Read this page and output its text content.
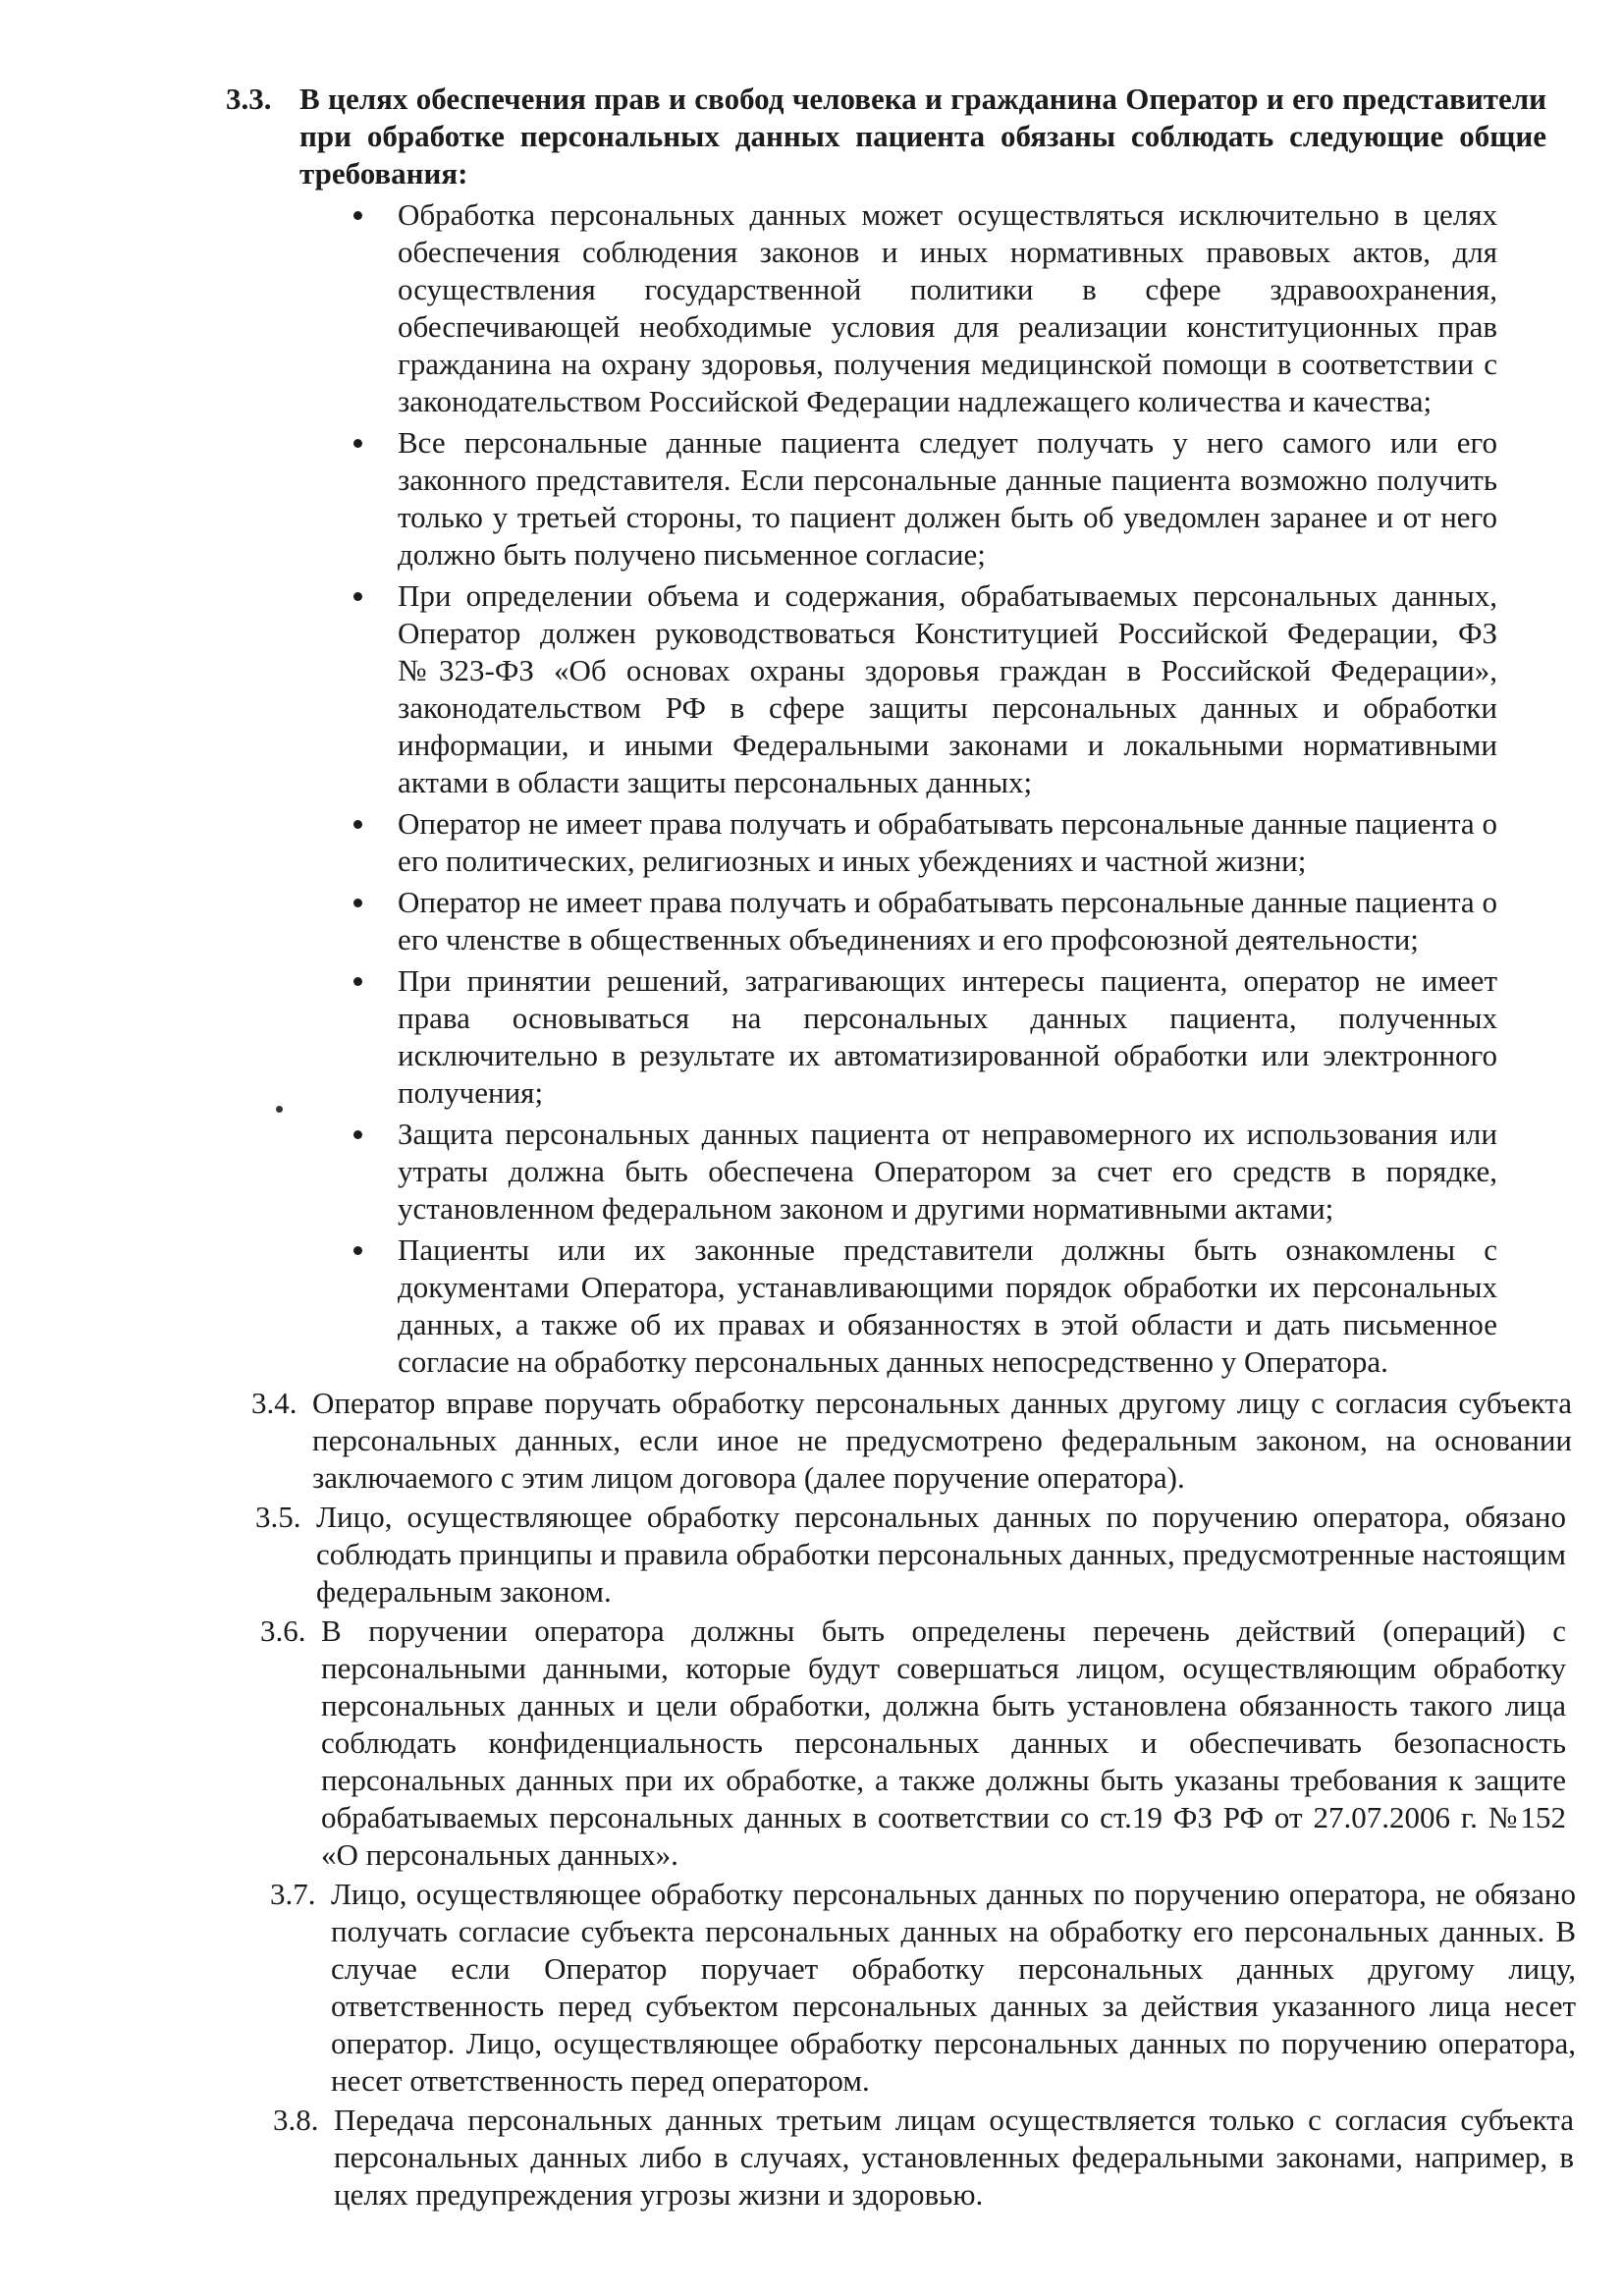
3.3. В целях обеспечения прав и свобод человека и гражданина Оператор и его представители при обработке персональных данных пациента обязаны соблюдать следующие общие требования:
Обработка персональных данных может осуществляться исключительно в целях обеспечения соблюдения законов и иных нормативных правовых актов, для осуществления государственной политики в сфере здравоохранения, обеспечивающей необходимые условия для реализации конституционных прав гражданина на охрану здоровья, получения медицинской помощи в соответствии с законодательством Российской Федерации надлежащего количества и качества;
Все персональные данные пациента следует получать у него самого или его законного представителя. Если персональные данные пациента возможно получить только у третьей стороны, то пациент должен быть об уведомлен заранее и от него должно быть получено письменное согласие;
При определении объема и содержания, обрабатываемых персональных данных, Оператор должен руководствоваться Конституцией Российской Федерации, ФЗ №323-ФЗ «Об основах охраны здоровья граждан в Российской Федерации», законодательством РФ в сфере защиты персональных данных и обработки информации, и иными Федеральными законами и локальными нормативными актами в области защиты персональных данных;
Оператор не имеет права получать и обрабатывать персональные данные пациента о его политических, религиозных и иных убеждениях и частной жизни;
Оператор не имеет права получать и обрабатывать персональные данные пациента о его членстве в общественных объединениях и его профсоюзной деятельности;
При принятии решений, затрагивающих интересы пациента, оператор не имеет права основываться на персональных данных пациента, полученных исключительно в результате их автоматизированной обработки или электронного получения;
Защита персональных данных пациента от неправомерного их использования или утраты должна быть обеспечена Оператором за счет его средств в порядке, установленном федеральном законом и другими нормативными актами;
Пациенты или их законные представители должны быть ознакомлены с документами Оператора, устанавливающими порядок обработки их персональных данных, а также об их правах и обязанностях в этой области и дать письменное согласие на обработку персональных данных непосредственно у Оператора.
3.4. Оператор вправе поручать обработку персональных данных другому лицу с согласия субъекта персональных данных, если иное не предусмотрено федеральным законом, на основании заключаемого с этим лицом договора (далее поручение оператора).
3.5. Лицо, осуществляющее обработку персональных данных по поручению оператора, обязано соблюдать принципы и правила обработки персональных данных, предусмотренные настоящим федеральным законом.
3.6. В поручении оператора должны быть определены перечень действий (операций) с персональными данными, которые будут совершаться лицом, осуществляющим обработку персональных данных и цели обработки, должна быть установлена обязанность такого лица соблюдать конфиденциальность персональных данных и обеспечивать безопасность персональных данных при их обработке, а также должны быть указаны требования к защите обрабатываемых персональных данных в соответствии со ст.19 ФЗ РФ от 27.07.2006 г. №152 «О персональных данных».
3.7. Лицо, осуществляющее обработку персональных данных по поручению оператора, не обязано получать согласие субъекта персональных данных на обработку его персональных данных. В случае если Оператор поручает обработку персональных данных другому лицу, ответственность перед субъектом персональных данных за действия указанного лица несет оператор. Лицо, осуществляющее обработку персональных данных по поручению оператора, несет ответственность перед оператором.
3.8. Передача персональных данных третьим лицам осуществляется только с согласия субъекта персональных данных либо в случаях, установленных федеральными законами, например, в целях предупреждения угрозы жизни и здоровью.
